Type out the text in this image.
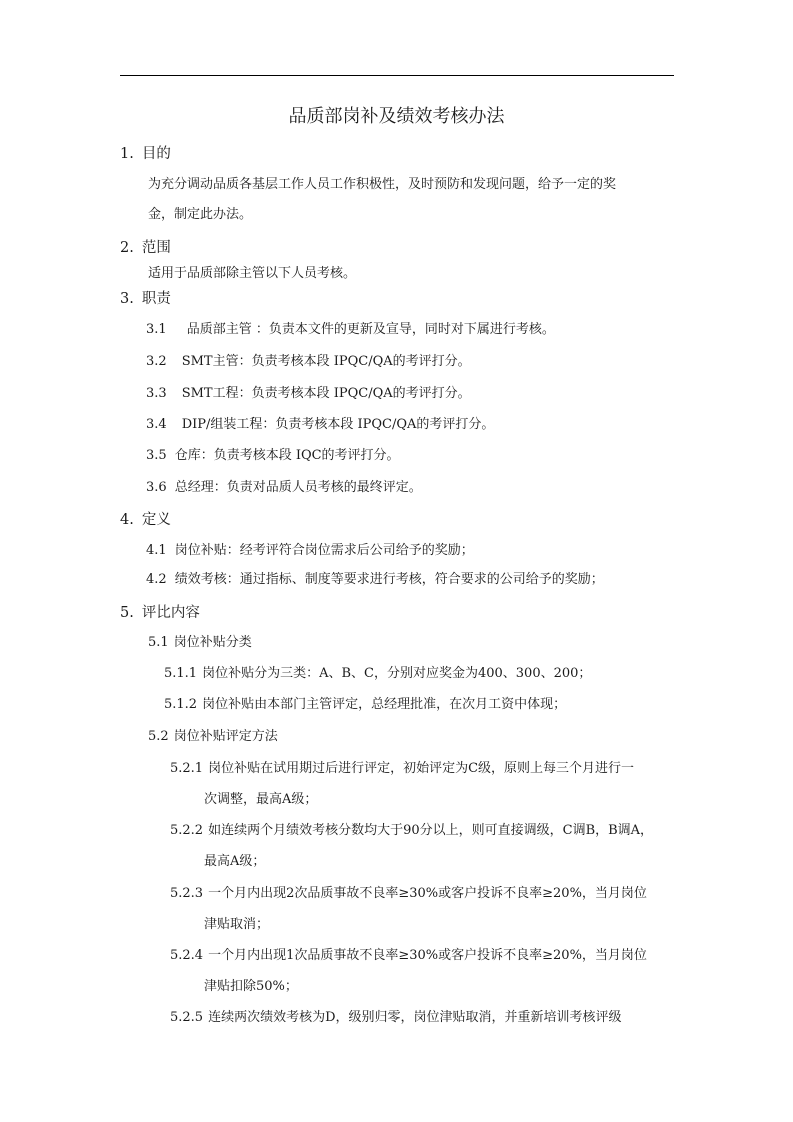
品质部岗补及绩效考核办法
1. 目的
为充分调动品质各基层工作人员工作积极性，及时预防和发现问题，给予一定的奖
金，制定此办法。
2. 范围
适用于品质部除主管以下人员考核。
3. 职责
3.1 品质部主管 ：负责本文件的更新及宣导，同时对下属进行考核。
3.2 SMT主管：负责考核本段 IPQC/QA的考评打分。
3.3 SMT工程：负责考核本段 IPQC/QA的考评打分。
3.4 DIP/组装工程：负责考核本段 IPQC/QA的考评打分。
3.5 仓库：负责考核本段 IQC的考评打分。
3.6 总经理：负责对品质人员考核的最终评定。
4. 定义
4.1 岗位补贴：经考评符合岗位需求后公司给予的奖励；
4.2 绩效考核：通过指标、制度等要求进行考核，符合要求的公司给予的奖励；
5. 评比内容
5.1 岗位补贴分类
5.1.1 岗位补贴分为三类：A、B、C，分别对应奖金为400、300、200；
5.1.2 岗位补贴由本部门主管评定，总经理批准，在次月工资中体现；
5.2 岗位补贴评定方法
5.2.1 岗位补贴在试用期过后进行评定，初始评定为C级，原则上每三个月进行一
次调整，最高A级；
5.2.2 如连续两个月绩效考核分数均大于90分以上，则可直接调级，C调B，B调A，
最高A级；
5.2.3 一个月内出现2次品质事故不良率≥30%或客户投诉不良率≥20%，当月岗位
津贴取消；
5.2.4 一个月内出现1次品质事故不良率≥30%或客户投诉不良率≥20%，当月岗位
津贴扣除50%；
5.2.5 连续两次绩效考核为D，级别归零，岗位津贴取消，并重新培训考核评级
